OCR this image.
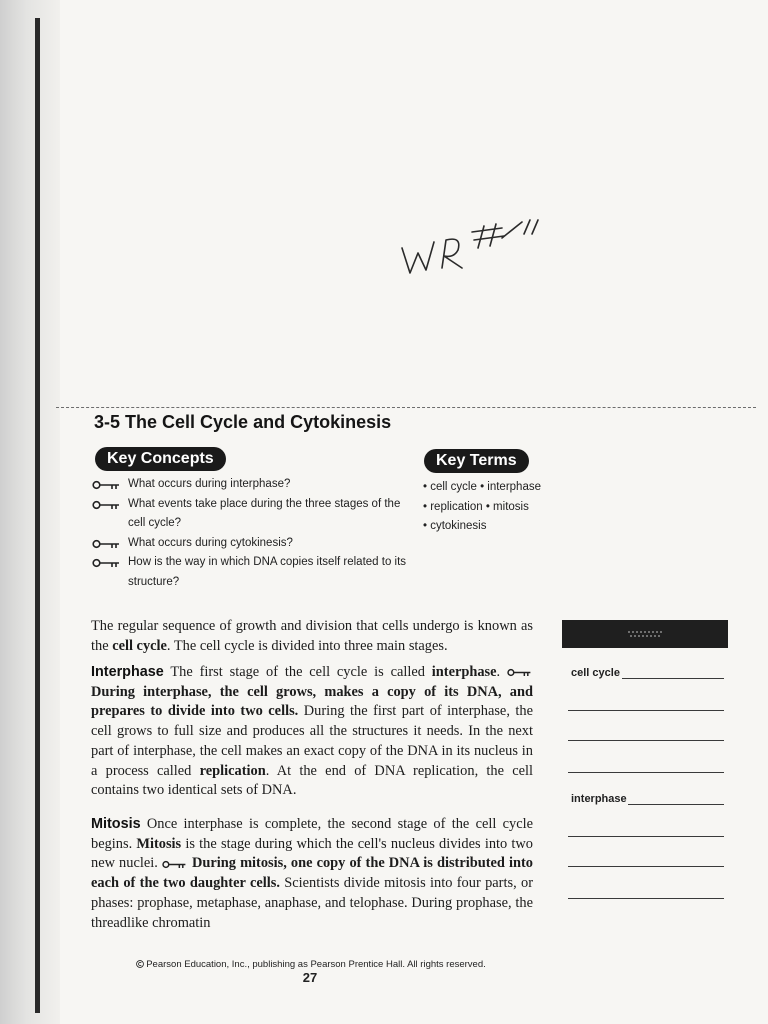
3-5 The Cell Cycle and Cytokinesis
Key Concepts	Key Terms
What occurs during interphase?
What events take place during the three stages of the cell cycle?
What occurs during cytokinesis?
How is the way in which DNA copies itself related to its structure?
• cell cycle • interphase
• replication • mitosis
• cytokinesis
The regular sequence of growth and division that cells undergo is known as the cell cycle. The cell cycle is divided into three main stages.
Interphase The first stage of the cell cycle is called interphase.  During interphase, the cell grows, makes a copy of its DNA, and prepares to divide into two cells. During the first part of interphase, the cell grows to full size and produces all the structures it needs. In the next part of interphase, the cell makes an exact copy of the DNA in its nucleus in a process called replication. At the end of DNA replication, the cell contains two identical sets of DNA.
Mitosis Once interphase is complete, the second stage of the cell cycle begins. Mitosis is the stage during which the cell's nucleus divides into two new nuclei.  During mitosis, one copy of the DNA is distributed into each of the two daughter cells. Scientists divide mitosis into four parts, or phases: prophase, metaphase, anaphase, and telophase. During prophase, the threadlike chromatin
cell cycle
interphase
Pearson Education, Inc., publishing as Pearson Prentice Hall. All rights reserved.
27
